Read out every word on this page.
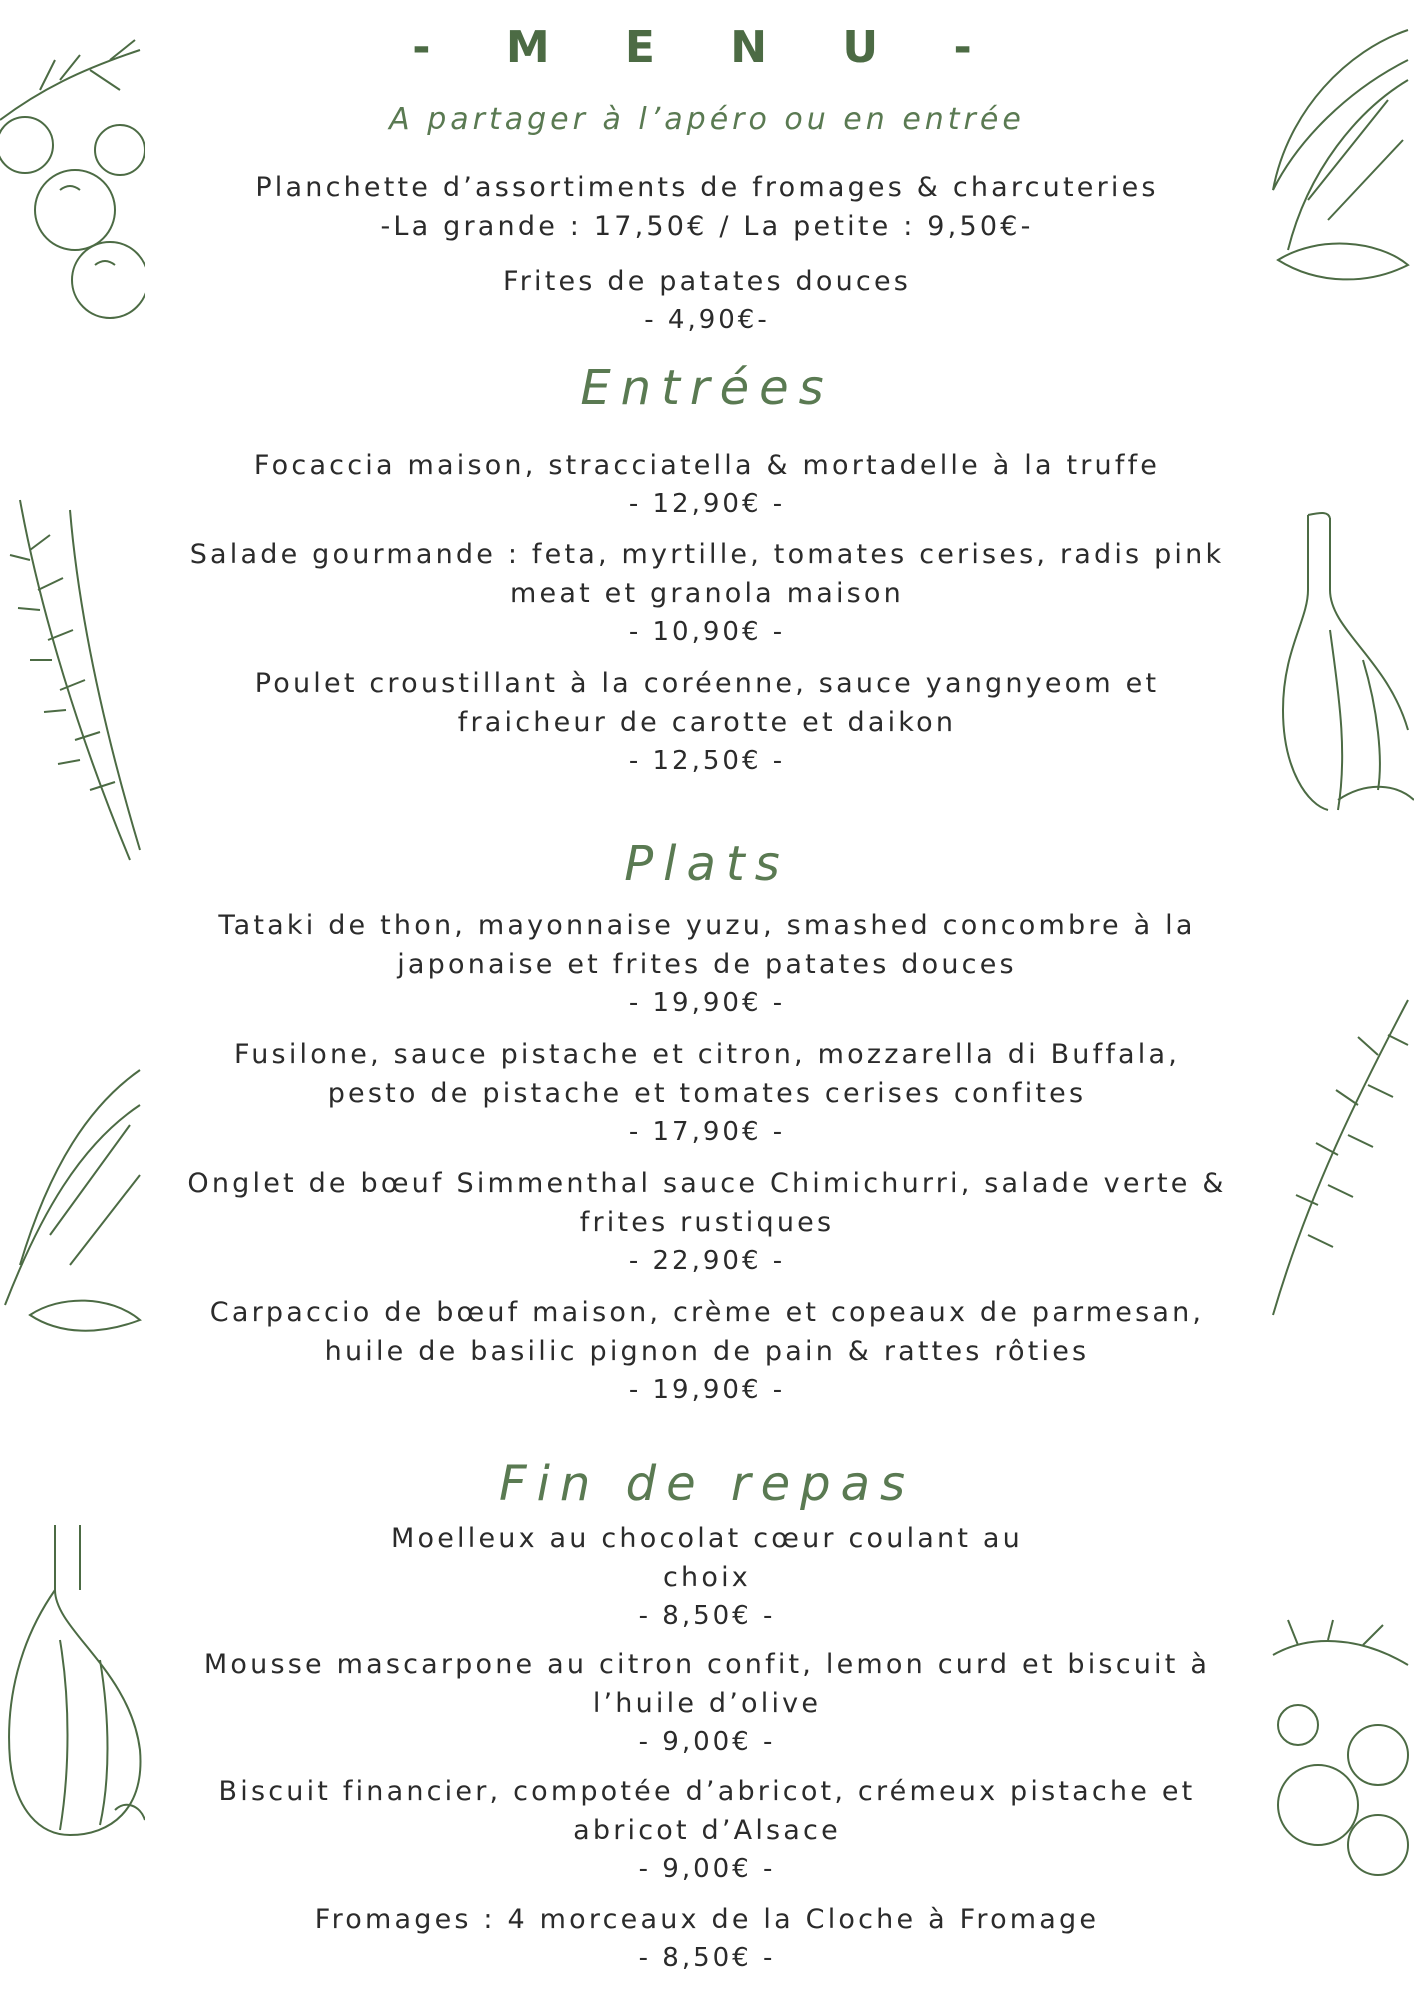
- M E N U -
A partager à l’apéro ou en entrée
Planchette d’assortiments de fromages & charcuteries
-La grande : 17,50€ / La petite : 9,50€-
Frites de patates douces
- 4,90€-
Entrées
Focaccia maison, stracciatella & mortadelle à la truffe
- 12,90€ -
Salade gourmande : feta, myrtille, tomates cerises, radis pink
meat et granola maison
- 10,90€ -
Poulet croustillant à la coréenne, sauce yangnyeom et
fraicheur de carotte et daikon
- 12,50€ -
Plats
Tataki de thon, mayonnaise yuzu, smashed concombre à la
japonaise et frites de patates douces
- 19,90€ -
Fusilone, sauce pistache et citron, mozzarella di Buffala,
pesto de pistache et tomates cerises confites
- 17,90€ -
Onglet de bœuf Simmenthal sauce Chimichurri, salade verte &
frites rustiques
- 22,90€ -
Carpaccio de bœuf maison, crème et copeaux de parmesan,
huile de basilic pignon de pain & rattes rôties
- 19,90€ -
Fin de repas
Moelleux au chocolat cœur coulant au
choix
- 8,50€ -
Mousse mascarpone au citron confit, lemon curd et biscuit à
l’huile d’olive
- 9,00€ -
Biscuit financier, compotée d’abricot, crémeux pistache et
abricot d’Alsace
- 9,00€ -
Fromages : 4 morceaux de la Cloche à Fromage
- 8,50€ -
